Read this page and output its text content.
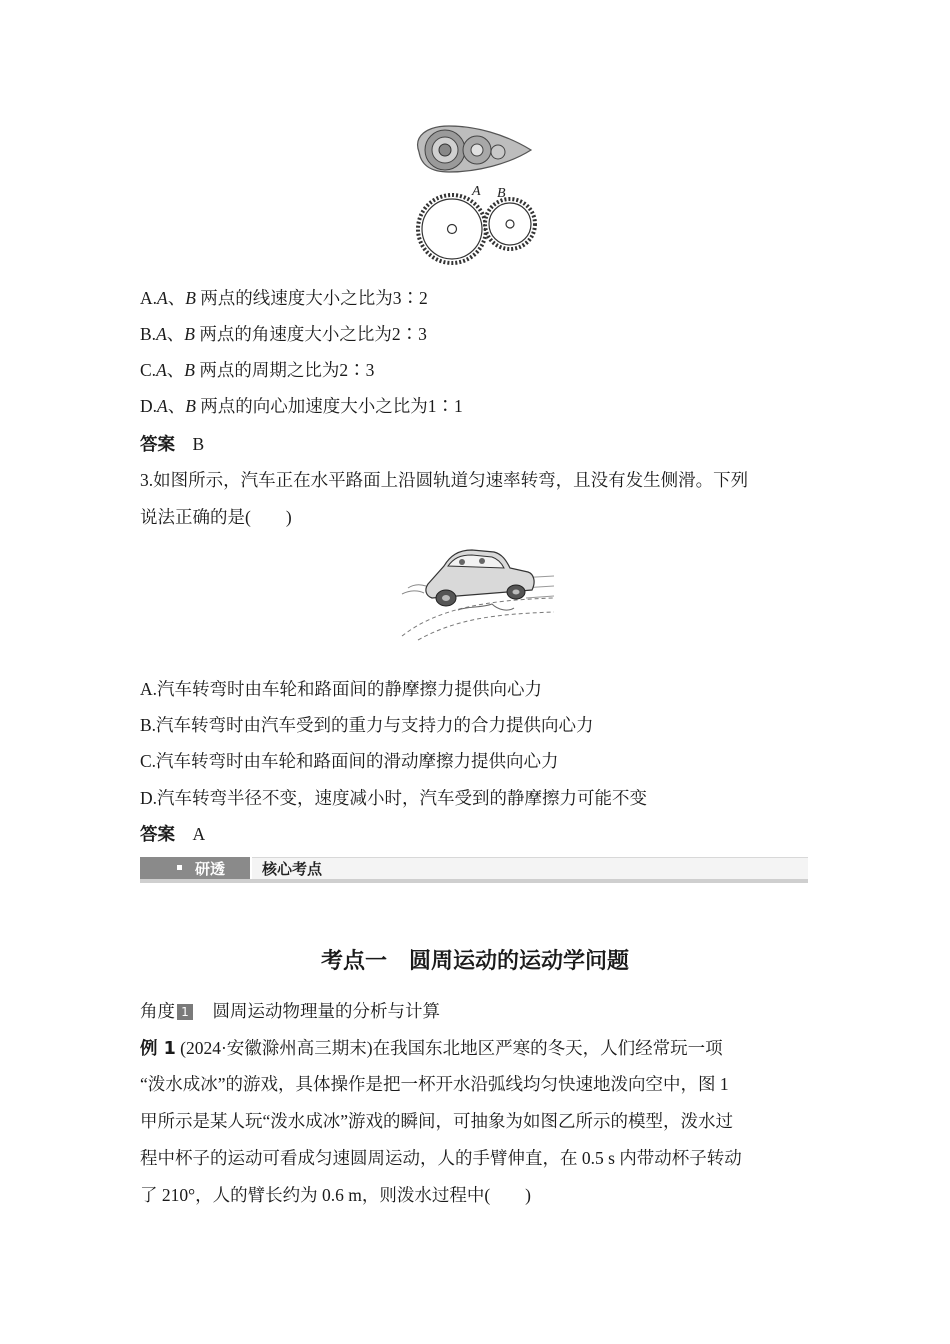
A B
A.A、B 两点的线速度大小之比为3∶2
B.A、B 两点的角速度大小之比为2∶3
C.A、B 两点的周期之比为2∶3
D.A、B 两点的向心加速度大小之比为1∶1
答案　 B
3.如图所示，汽车正在水平路面上沿圆轨道匀速率转弯，且没有发生侧滑。下列
说法正确的是(　　)
A.汽车转弯时由车轮和路面间的静摩擦力提供向心力
B.汽车转弯时由汽车受到的重力与支持力的合力提供向心力
C.汽车转弯时由车轮和路面间的滑动摩擦力提供向心力
D.汽车转弯半径不变，速度减小时，汽车受到的静摩擦力可能不变
答案　 A
研透 核心考点
考点一　圆周运动的运动学问题
角度 1　 圆周运动物理量的分析与计算
例 1 (2024·安徽滁州高三期末)在我国东北地区严寒的冬天，人们经常玩一项
“泼水成冰”的游戏，具体操作是把一杯开水沿弧线均匀快速地泼向空中，图 1
甲所示是某人玩“泼水成冰”游戏的瞬间，可抽象为如图乙所示的模型，泼水过
程中杯子的运动可看成匀速圆周运动，人的手臂伸直，在 0.5 s 内带动杯子转动
了 210°，人的臂长约为 0.6 m，则泼水过程中(　　)
